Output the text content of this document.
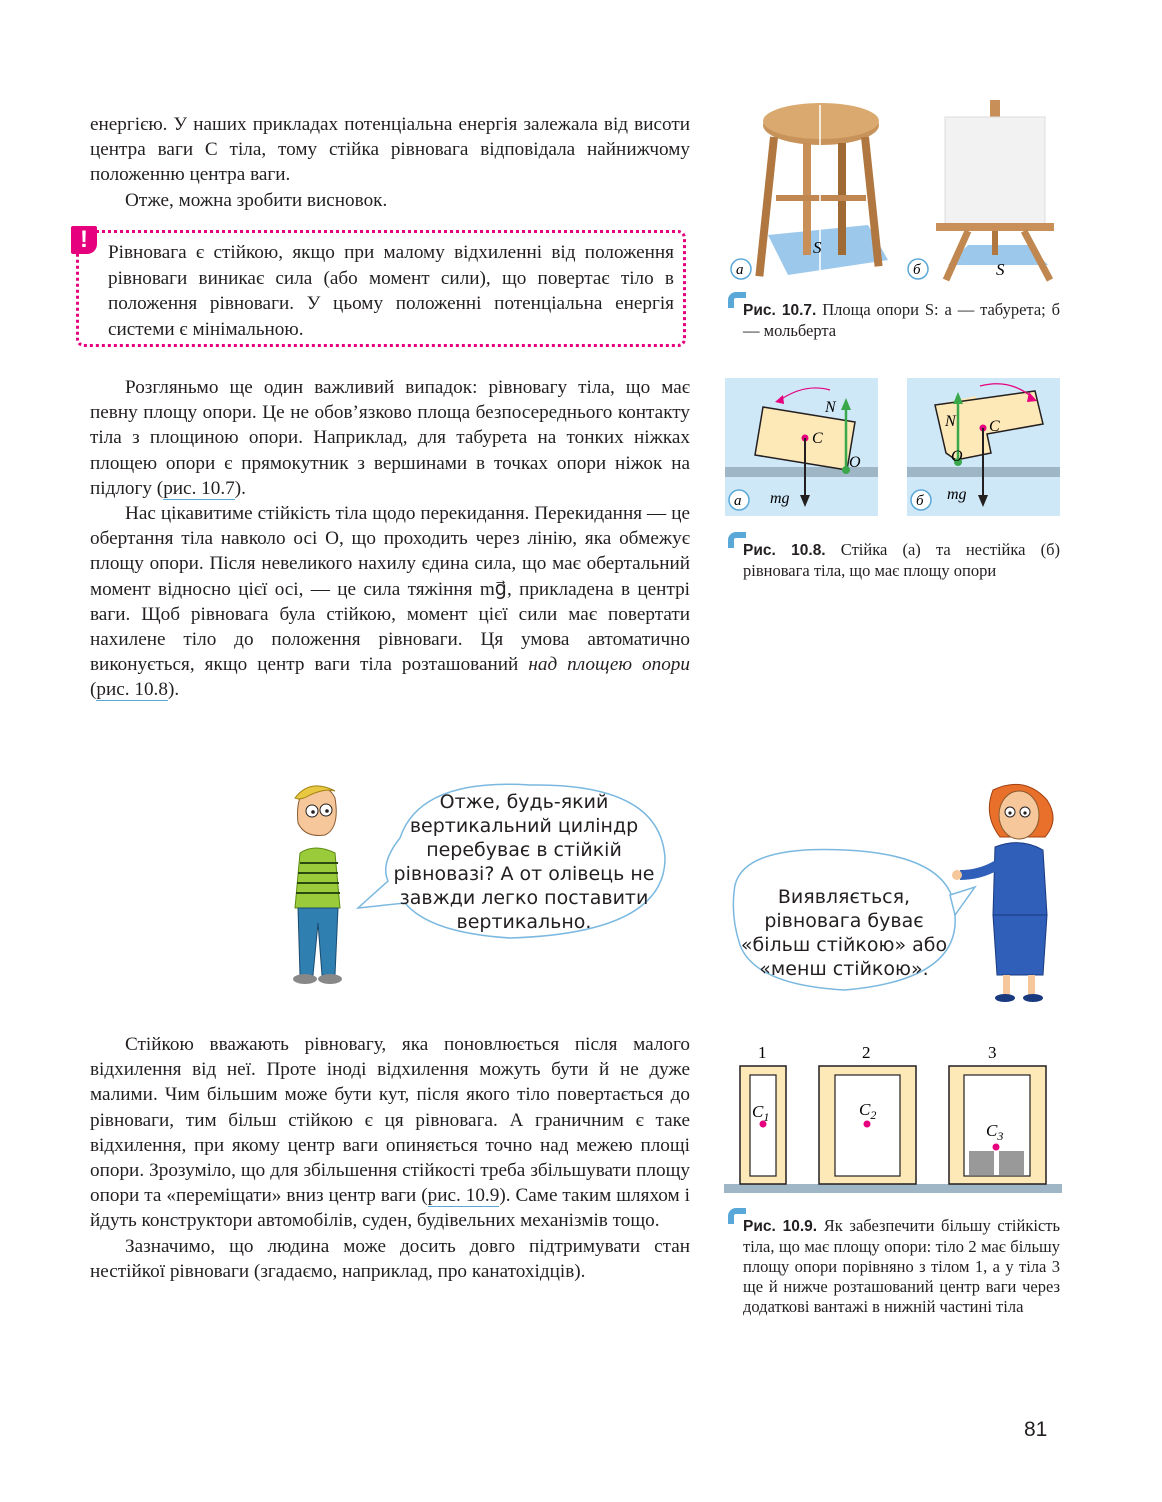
енергією. У наших прикладах потенціальна енергія залежала від висоти центра ваги С тіла, тому стійка рівновага відповідала найнижчому положенню центра ваги.

Отже, можна зробити висновок.

!	Рівновага є стійкою, якщо при малому відхиленні від положення рівноваги виникає сила (або момент сили), що повертає тіло в положення рівноваги. У цьому положенні потенціальна енергія системи є мінімальною.

Розгляньмо ще один важливий випадок: рівновагу тіла, що має певну площу опори. Це не обов’язково площа безпосереднього контакту тіла з площиною опори. Наприклад, для табурета на тонких ніжках площею опори є прямокутник з вершинами в точках опори ніжок на підлогу (рис. 10.7).

Нас цікавитиме стійкість тіла щодо перекидання. Перекидання — це обертання тіла навколо осі O, що проходить через лінію, яка обмежує площу опори. Після невеликого нахилу єдина сила, що має обертальний момент відносно цієї осі, — це сила тяжіння mg⃗, прикладена в центрі ваги. Щоб рівновага була стійкою, момент цієї сили має повертати нахилене тіло до положення рівноваги. Ця умова автоматично виконується, якщо центр ваги тіла розташований над площею опори (рис. 10.8).

Стійкою вважають рівновагу, яка поновлюється після малого відхилення від неї. Проте іноді відхилення можуть бути й не дуже малими. Чим більшим може бути кут, після якого тіло повертається до рівноваги, тим більш стійкою є ця рівновага. А граничним є таке відхилення, при якому центр ваги опиняється точно над межею площі опори. Зрозуміло, що для збільшення стійкості треба збільшувати площу опори та «переміщати» вниз центр ваги (рис. 10.9). Саме таким шляхом і йдуть конструктори автомобілів, суден, будівельних механізмів тощо.

Зазначимо, що людина може досить довго підтримувати стан нестійкої рівноваги (згадаємо, наприклад, про канатохідців).

S
S
а	б
Рис. 10.7. Площа опори S: а — табурета; б — мольберта
N
C
O
mg
а
N C
O
mg
б
Рис. 10.8. Стійка (а) та нестійка (б) рівновага тіла, що має площу опори
Отже, будь-який вертикальний циліндр перебуває в стійкій рівновазі? А от олівець не завжди легко поставити вертикально.
Виявляється, рівновага буває «більш стійкою» або «менш стійкою».
1
$C_1$
2
$C_2$
3
$C_3$
Рис. 10.9. Як забезпечити більшу стійкість тіла, що має площу опори: тіло 2 має більшу площу опори порівняно з тілом 1, а у тіла 3 ще й нижче розташований центр ваги через додаткові вантажі в нижній частині тіла
81
